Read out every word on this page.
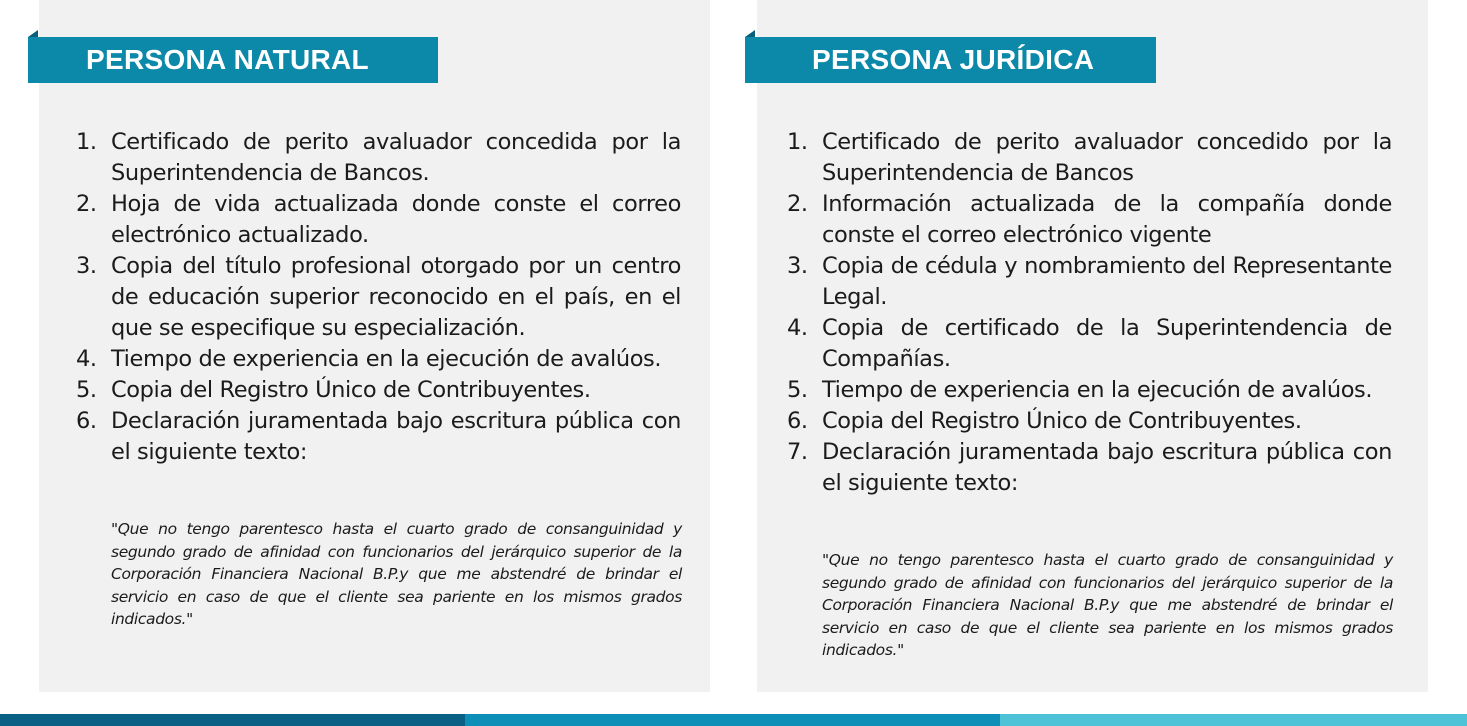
PERSONA NATURAL	PERSONA JURÍDICA
1. Certificado de perito avaluador concedida por la Superintendencia de Bancos.
2. Hoja de vida actualizada donde conste el correo electrónico actualizado.
3. Copia del título profesional otorgado por un centro de educación superior reconocido en el país, en el que se especifique su especialización.
4. Tiempo de experiencia en la ejecución de avalúos.
5. Copia del Registro Único de Contribuyentes.
6. Declaración juramentada bajo escritura pública con el siguiente texto:

"Que no tengo parentesco hasta el cuarto grado de consanguinidad y segundo grado de afinidad con funcionarios del jerárquico superior de la Corporación Financiera Nacional B.P.y que me abstendré de brindar el servicio en caso de que el cliente sea pariente en los mismos grados indicados."

1. Certificado de perito avaluador concedido por la Superintendencia de Bancos
2. Información actualizada de la compañía donde conste el correo electrónico vigente
3. Copia de cédula y nombramiento del Representante Legal.
4. Copia de certificado de la Superintendencia de Compañías.
5. Tiempo de experiencia en la ejecución de avalúos.
6. Copia del Registro Único de Contribuyentes.
7. Declaración juramentada bajo escritura pública con el siguiente texto:

"Que no tengo parentesco hasta el cuarto grado de consanguinidad y segundo grado de afinidad con funcionarios del jerárquico superior de la Corporación Financiera Nacional B.P.y que me abstendré de brindar el servicio en caso de que el cliente sea pariente en los mismos grados indicados."
